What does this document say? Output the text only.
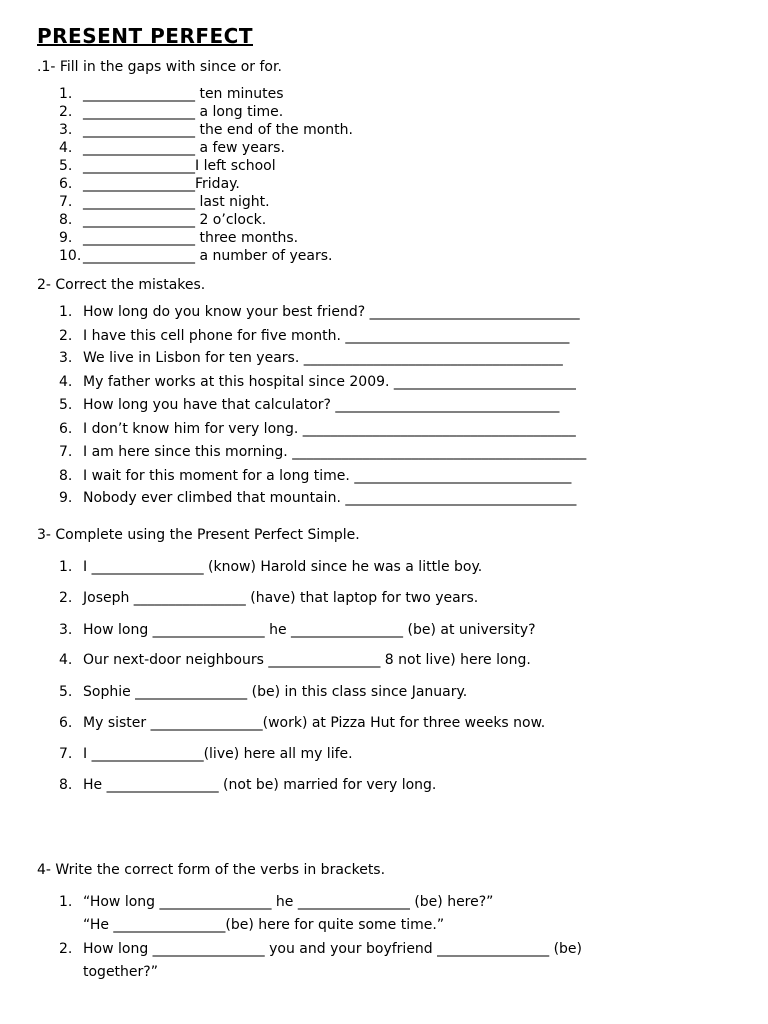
PRESENT PERFECT
.1- Fill in the gaps with since or for.
1. ________________ ten minutes
2. ________________ a long time.
3. ________________ the end of the month.
4. ________________ a few years.
5. ________________I left school
6. ________________Friday.
7. ________________ last night.
8. ________________ 2 o’clock.
9. ________________ three months.
10. ________________ a number of years.
2- Correct the mistakes.
1. How long do you know your best friend? ______________________________
2. I have this cell phone for five month. ________________________________
3. We live in Lisbon for ten years. _____________________________________
4. My father works at this hospital since 2009. __________________________
5. How long you have that calculator? ________________________________
6. I don’t know him for very long. _______________________________________
7. I am here since this morning. __________________________________________
8. I wait for this moment for a long time. _______________________________
9. Nobody ever climbed that mountain. _________________________________
3- Complete using the Present Perfect Simple.
1. I ________________ (know) Harold since he was a little boy.
2. Joseph ________________ (have) that laptop for two years.
3. How long ________________ he ________________ (be) at university?
4. Our next-door neighbours ________________ 8 not live) here long.
5. Sophie ________________ (be) in this class since January.
6. My sister ________________(work) at Pizza Hut for three weeks now.
7. I ________________(live) here all my life.
8. He ________________ (not be) married for very long.
4- Write the correct form of the verbs in brackets.
1. “How long ________________ he ________________ (be) here?”
“He ________________(be) here for quite some time.”
2. How long ________________ you and your boyfriend ________________ (be)
together?”
